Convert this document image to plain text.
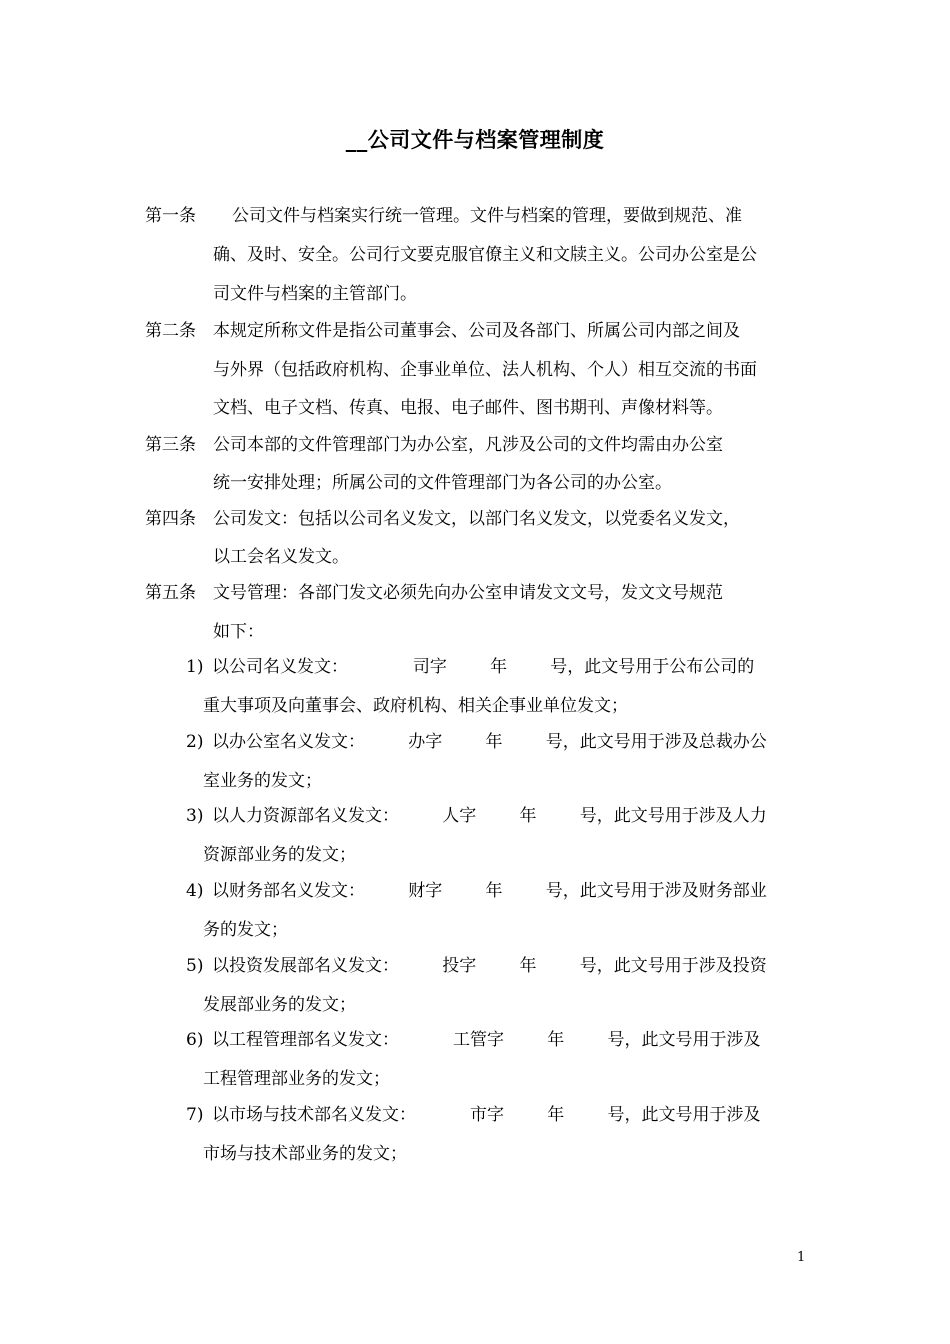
__公司文件与档案管理制度
第一条 公司文件与档案实行统一管理。文件与档案的管理，要做到规范、准
确、及时、安全。公司行文要克服官僚主义和文牍主义。公司办公室是公
司文件与档案的主管部门。
第二条 本规定所称文件是指公司董事会、公司及各部门、所属公司内部之间及
与外界（包括政府机构、企事业单位、法人机构、个人）相互交流的书面
文档、电子文档、传真、电报、电子邮件、图书期刊、声像材料等。
第三条 公司本部的文件管理部门为办公室，凡涉及公司的文件均需由办公室
统一安排处理；所属公司的文件管理部门为各公司的办公室。
第四条 公司发文：包括以公司名义发文，以部门名义发文，以党委名义发文，
以工会名义发文。
第五条 文号管理：各部门发文必须先向办公室申请发文文号，发文文号规范
如下：
1) 以公司名义发文：            司字        年        号，此文号用于公布公司的
重大事项及向董事会、政府机构、相关企事业单位发文；
2) 以办公室名义发文：        办字        年        号，此文号用于涉及总裁办公
室业务的发文；
3) 以人力资源部名义发文：        人字        年        号，此文号用于涉及人力
资源部业务的发文；
4) 以财务部名义发文：        财字        年        号，此文号用于涉及财务部业
务的发文；
5) 以投资发展部名义发文：        投字        年        号，此文号用于涉及投资
发展部业务的发文；
6) 以工程管理部名义发文：          工管字        年        号，此文号用于涉及
工程管理部业务的发文；
7) 以市场与技术部名义发文：          市字        年        号，此文号用于涉及
市场与技术部业务的发文；
1
